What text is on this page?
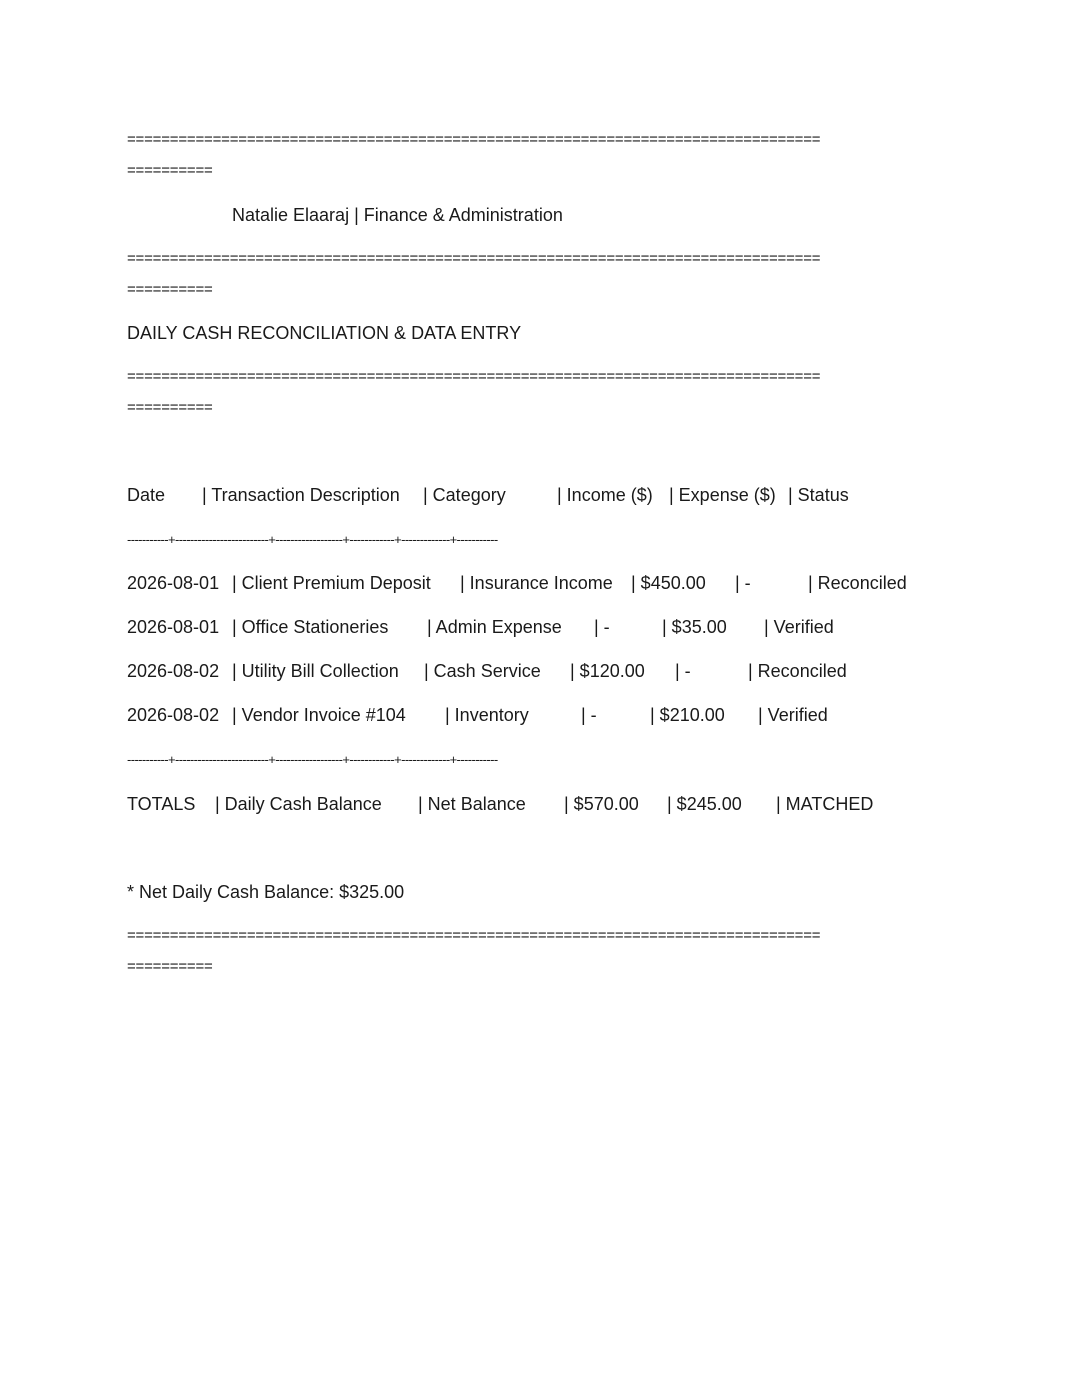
=================================================================================
==========
Natalie Elaaraj | Finance & Administration
=================================================================================
==========
DAILY CASH RECONCILIATION & DATA ENTRY
=================================================================================
==========
Date | Transaction Description | Category	| Income ($) | Expense ($) | Status
-----------+-------------------------+------------------+------------+-------------+-----------
2026-08-01 | Client Premium Deposit | Insurance Income | $450.00 | -	| Reconciled
2026-08-01 | Office Stationeries | Admin Expense | -	| $35.00 | Verified
2026-08-02 | Utility Bill Collection | Cash Service | $120.00 | -	| Reconciled
2026-08-02 | Vendor Invoice #104 | Inventory	| -	| $210.00 | Verified
-----------+-------------------------+------------------+------------+-------------+-----------
TOTALS | Daily Cash Balance | Net Balance | $570.00 | $245.00 | MATCHED
* Net Daily Cash Balance: $325.00
=================================================================================
==========
